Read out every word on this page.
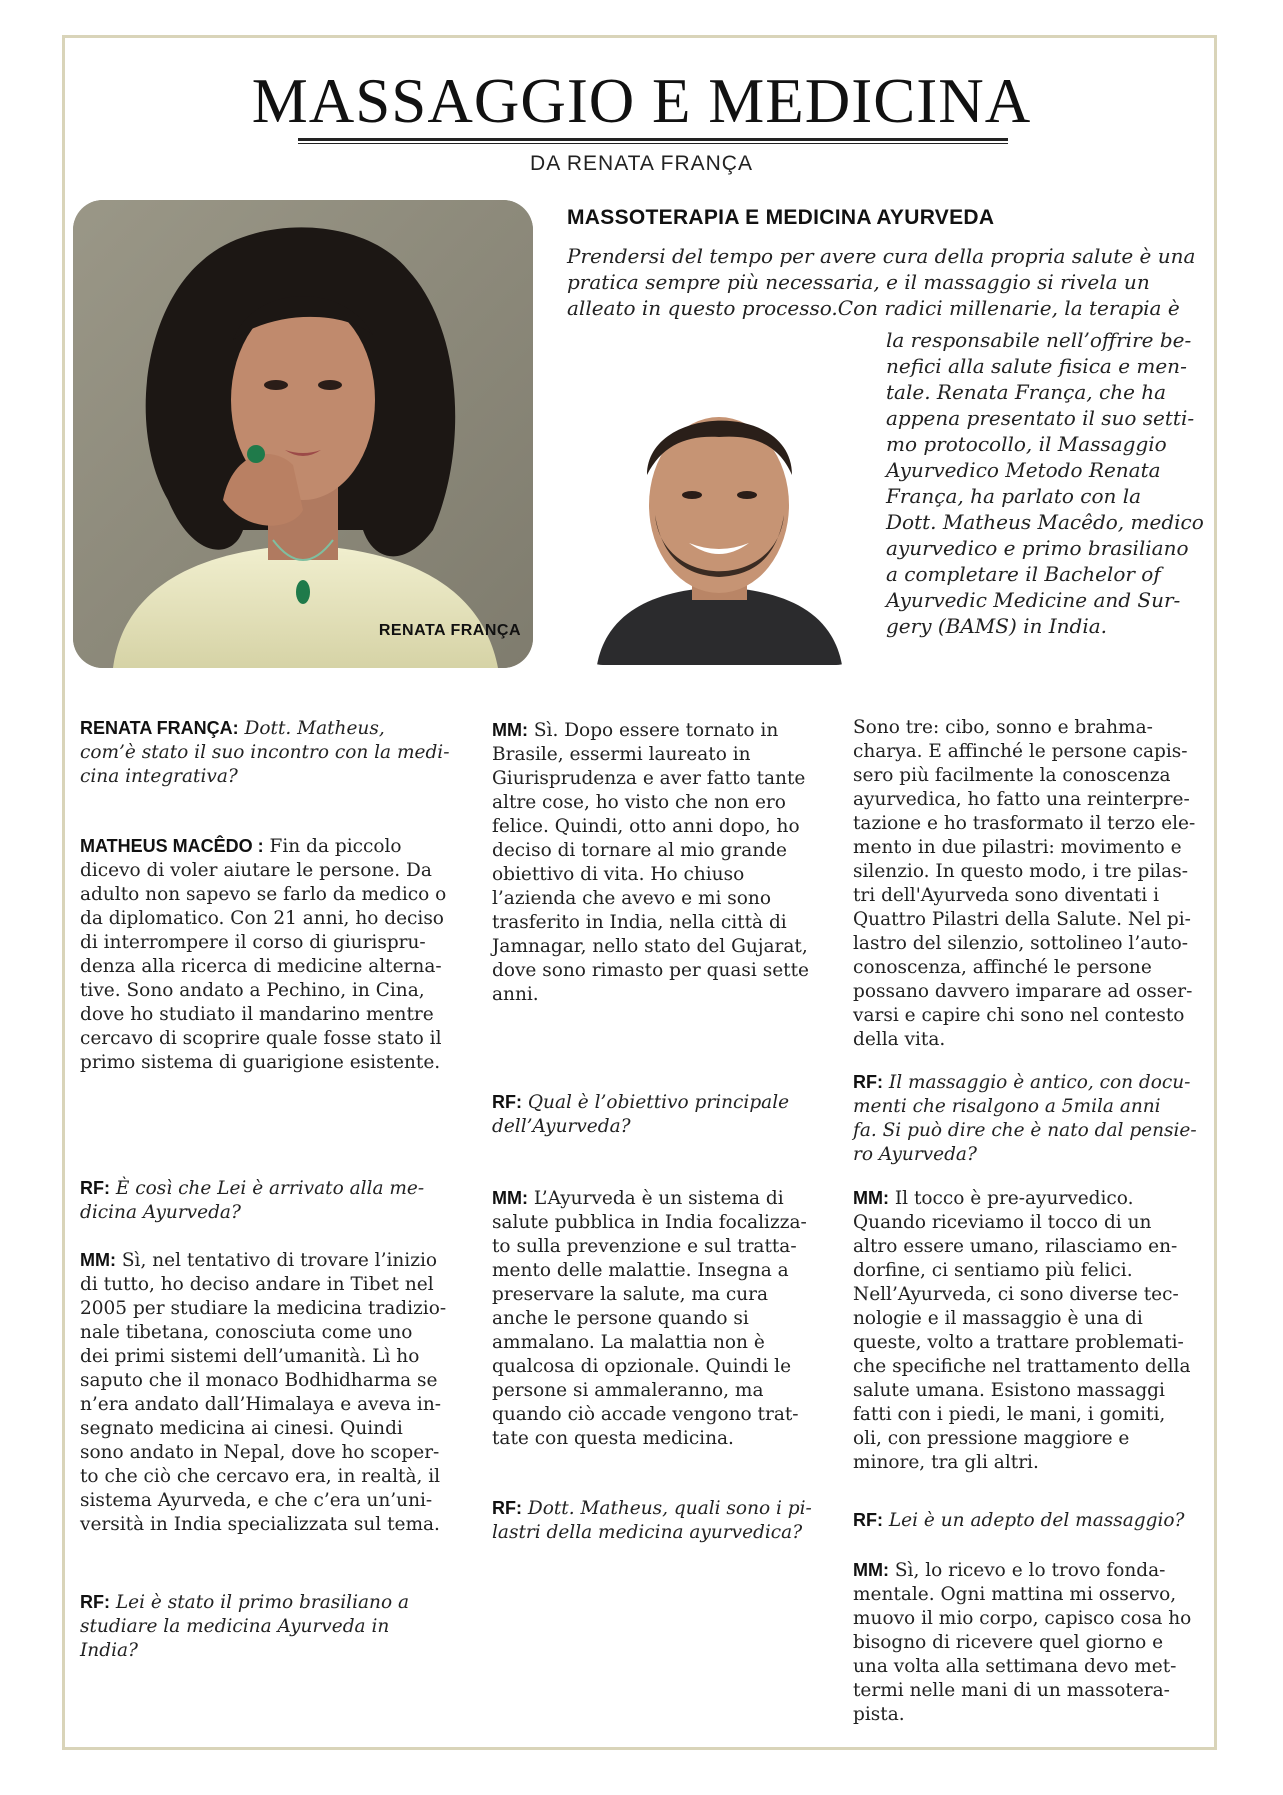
MASSAGGIO E MEDICINA
DA RENATA FRANÇA
RENATA FRANÇA
MASSOTERAPIA E MEDICINA AYURVEDA
Prendersi del tempo per avere cura della propria salute è una
pratica sempre più necessaria, e il massaggio si rivela un
alleato in questo processo.Con radici millenarie, la terapia è
la responsabile nell’offrire be-
nefici alla salute fisica e men-
tale. Renata França, che ha
appena presentato il suo setti-
mo protocollo, il Massaggio
Ayurvedico Metodo Renata
França, ha parlato con la
Dott. Matheus Macêdo, medico
ayurvedico e primo brasiliano
a completare il Bachelor of
Ayurvedic Medicine and Sur-
gery (BAMS) in India.
RENATA FRANÇA: Dott. Matheus,
com’è stato il suo incontro con la medi-
cina integrativa?
MATHEUS MACÊDO : Fin da piccolo
dicevo di voler aiutare le persone. Da
adulto non sapevo se farlo da medico o
da diplomatico. Con 21 anni, ho deciso
di interrompere il corso di giurispru-
denza alla ricerca di medicine alterna-
tive. Sono andato a Pechino, in Cina,
dove ho studiato il mandarino mentre
cercavo di scoprire quale fosse stato il
primo sistema di guarigione esistente.
RF: È così che Lei è arrivato alla me-
dicina Ayurveda?
MM: Sì, nel tentativo di trovare l’inizio
di tutto, ho deciso andare in Tibet nel
2005 per studiare la medicina tradizio-
nale tibetana, conosciuta come uno
dei primi sistemi dell’umanità. Lì ho
saputo che il monaco Bodhidharma se
n’era andato dall’Himalaya e aveva in-
segnato medicina ai cinesi. Quindi
sono andato in Nepal, dove ho scoper-
to che ciò che cercavo era, in realtà, il
sistema Ayurveda, e che c’era un’uni-
versità in India specializzata sul tema.
RF: Lei è stato il primo brasiliano a
studiare la medicina Ayurveda in
India?
MM: Sì. Dopo essere tornato in
Brasile, essermi laureato in
Giurisprudenza e aver fatto tante
altre cose, ho visto che non ero
felice. Quindi, otto anni dopo, ho
deciso di tornare al mio grande
obiettivo di vita. Ho chiuso
l’azienda che avevo e mi sono
trasferito in India, nella città di
Jamnagar, nello stato del Gujarat,
dove sono rimasto per quasi sette
anni.
RF: Qual è l’obiettivo principale
dell’Ayurveda?
MM: L’Ayurveda è un sistema di
salute pubblica in India focalizza-
to sulla prevenzione e sul tratta-
mento delle malattie. Insegna a
preservare la salute, ma cura
anche le persone quando si
ammalano. La malattia non è
qualcosa di opzionale. Quindi le
persone si ammaleranno, ma
quando ciò accade vengono trat-
tate con questa medicina.
RF: Dott. Matheus, quali sono i pi-
lastri della medicina ayurvedica?
Sono tre: cibo, sonno e brahma-
charya. E affinché le persone capis-
sero più facilmente la conoscenza
ayurvedica, ho fatto una reinterpre-
tazione e ho trasformato il terzo ele-
mento in due pilastri: movimento e
silenzio. In questo modo, i tre pilas-
tri dell'Ayurveda sono diventati i
Quattro Pilastri della Salute. Nel pi-
lastro del silenzio, sottolineo l’auto-
conoscenza, affinché le persone
possano davvero imparare ad osser-
varsi e capire chi sono nel contesto
della vita.
RF: Il massaggio è antico, con docu-
menti che risalgono a 5mila anni
fa. Si può dire che è nato dal pensie-
ro Ayurveda?
MM: Il tocco è pre-ayurvedico.
Quando riceviamo il tocco di un
altro essere umano, rilasciamo en-
dorfine, ci sentiamo più felici.
Nell’Ayurveda, ci sono diverse tec-
nologie e il massaggio è una di
queste, volto a trattare problemati-
che specifiche nel trattamento della
salute umana. Esistono massaggi
fatti con i piedi, le mani, i gomiti,
oli, con pressione maggiore e
minore, tra gli altri.
RF: Lei è un adepto del massaggio?
MM: Sì, lo ricevo e lo trovo fonda-
mentale. Ogni mattina mi osservo,
muovo il mio corpo, capisco cosa ho
bisogno di ricevere quel giorno e
una volta alla settimana devo met-
termi nelle mani di un massotera-
pista.
